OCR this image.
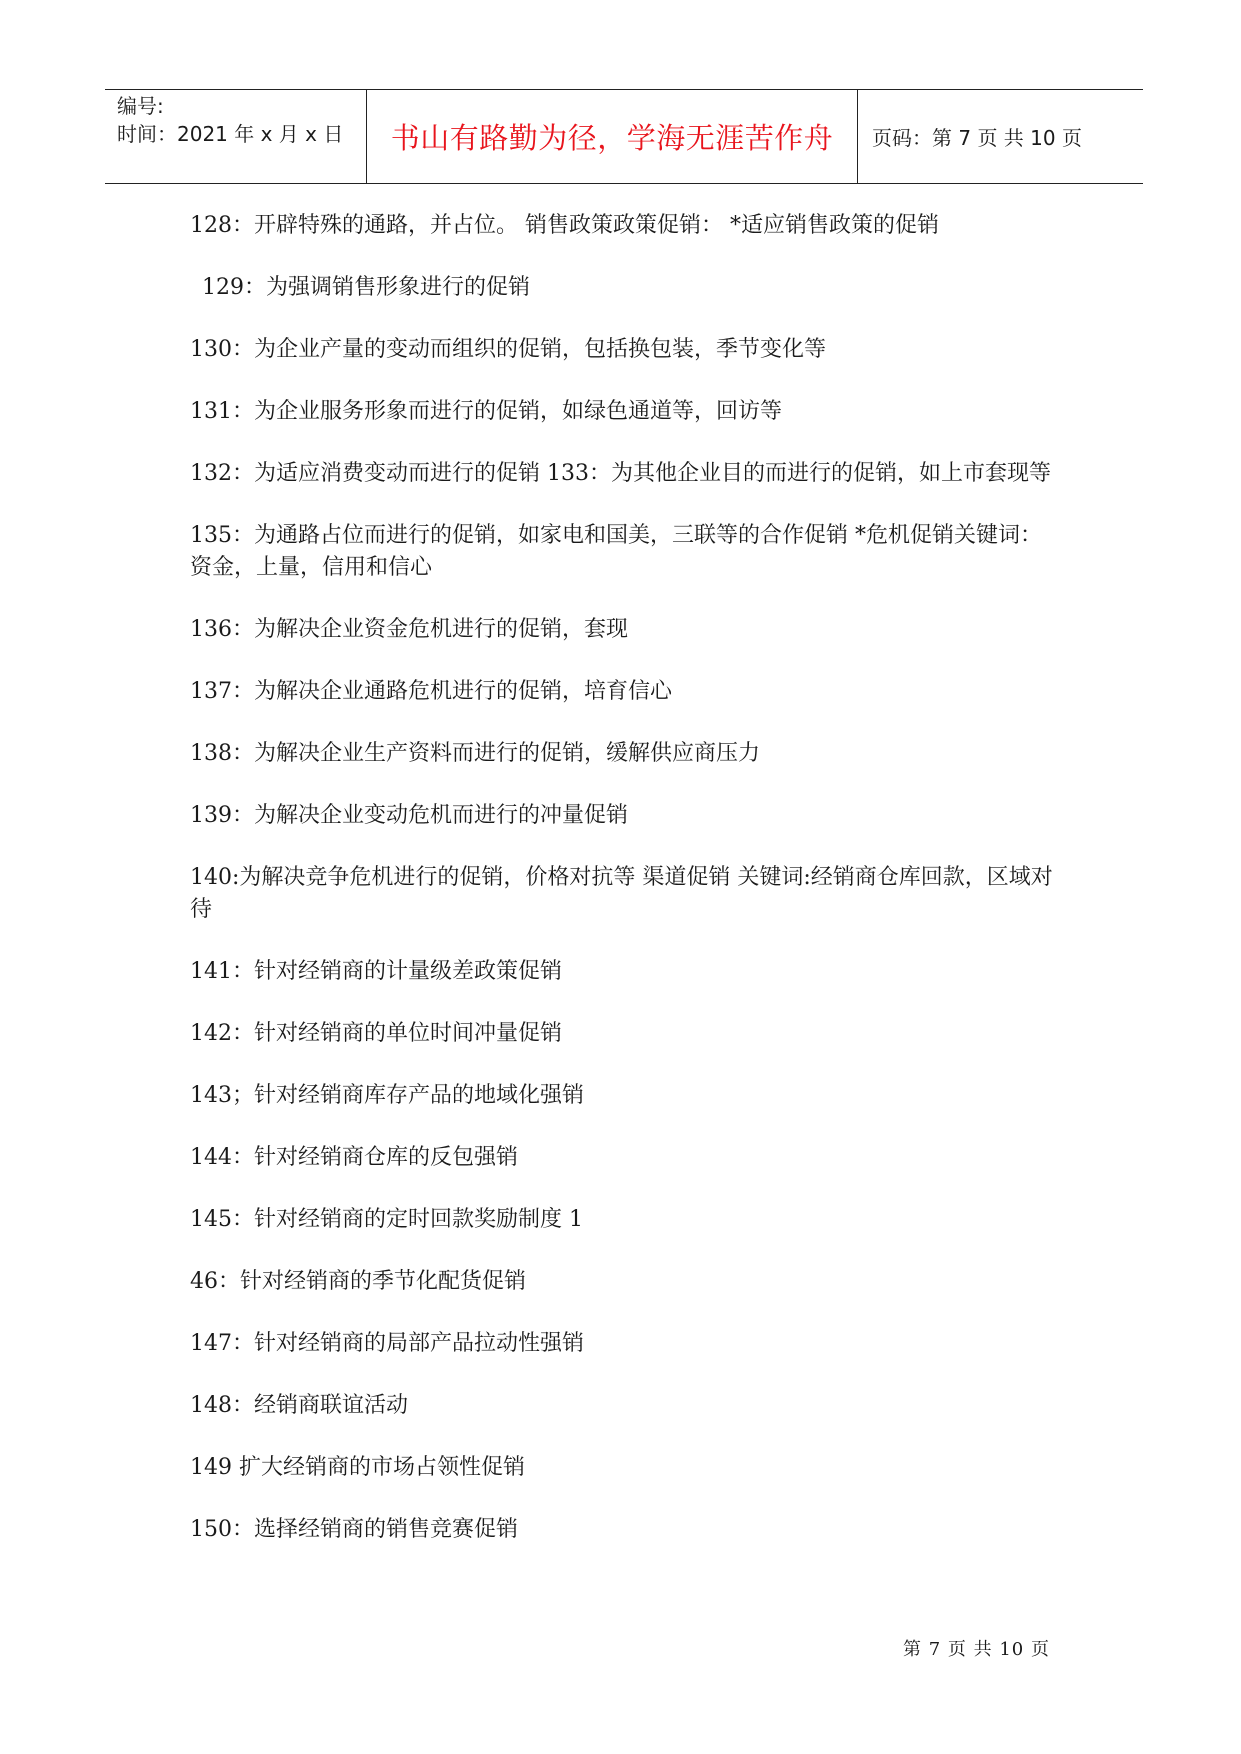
编号:
时间：2021 年 x 月 x 日	书山有路勤为径，学海无涯苦作舟	页码：第 7 页 共 10 页

128：开辟特殊的通路，并占位。 销售政策政策促销： *适应销售政策的促销

129：为强调销售形象进行的促销

130：为企业产量的变动而组织的促销，包括换包装，季节变化等

131：为企业服务形象而进行的促销，如绿色通道等，回访等

132：为适应消费变动而进行的促销 133：为其他企业目的而进行的促销，如上市套现等

135：为通路占位而进行的促销，如家电和国美，三联等的合作促销 *危机促销关键词：资金，上量，信用和信心

136：为解决企业资金危机进行的促销，套现

137：为解决企业通路危机进行的促销，培育信心

138：为解决企业生产资料而进行的促销，缓解供应商压力

139：为解决企业变动危机而进行的冲量促销

140:为解决竞争危机进行的促销，价格对抗等 渠道促销 关键词:经销商仓库回款，区域对待

141：针对经销商的计量级差政策促销

142：针对经销商的单位时间冲量促销

143；针对经销商库存产品的地域化强销

144：针对经销商仓库的反包强销

145：针对经销商的定时回款奖励制度 1

46：针对经销商的季节化配货促销

147：针对经销商的局部产品拉动性强销

148：经销商联谊活动

149 扩大经销商的市场占领性促销

150：选择经销商的销售竞赛促销

第 7 页 共 10 页
